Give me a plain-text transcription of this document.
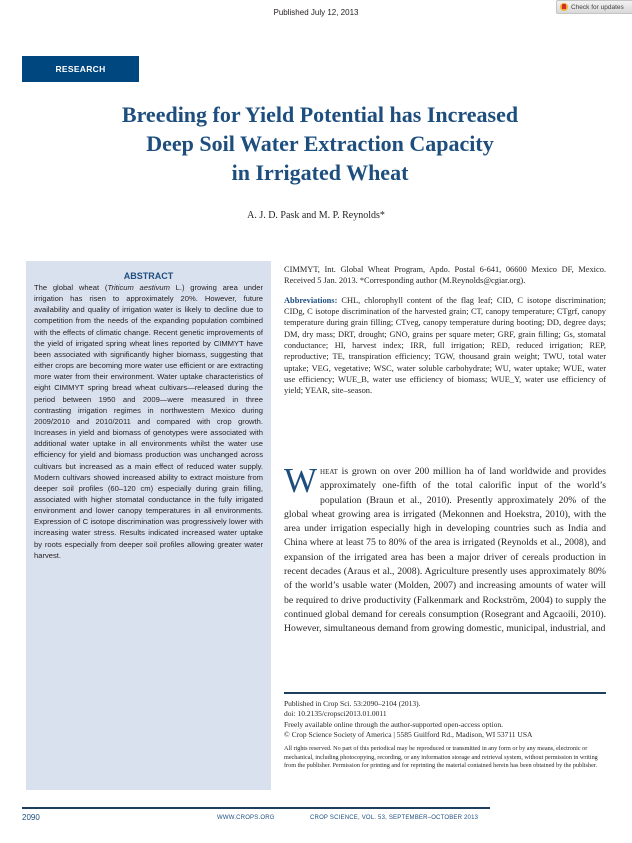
Published July 12, 2013
Check for updates
RESEARCH
Breeding for Yield Potential has Increased
Deep Soil Water Extraction Capacity
in Irrigated Wheat
A. J. D. Pask and M. P. Reynolds*
ABSTRACT

The global wheat (Triticum aestivum L.) growing area under irrigation has risen to approximately 20%. However, future availability and quality of irrigation water is likely to decline due to competition from the needs of the expanding population combined with the effects of climatic change. Recent genetic improvements of the yield of irrigated spring wheat lines reported by CIMMYT have been associated with significantly higher biomass, suggesting that either crops are becoming more water use efficient or are extracting more water from their environment. Water uptake characteristics of eight CIMMYT spring bread wheat cultivars—released during the period between 1950 and 2009—were measured in three contrasting irrigation regimes in northwestern Mexico during 2009/2010 and 2010/2011 and compared with crop growth. Increases in yield and biomass of genotypes were associated with additional water uptake in all environments whilst the water use efficiency for yield and biomass production was unchanged across cultivars but increased as a main effect of reduced water supply. Modern cultivars showed increased ability to extract moisture from deeper soil profiles (60–120 cm) especially during grain filling, associated with higher stomatal conductance in the fully irrigated environment and lower canopy temperatures in all environments. Expression of C isotope discrimination was progressively lower with increasing water stress. Results indicated increased water uptake by roots especially from deeper soil profiles allowing greater water harvest.

CIMMYT, Int. Global Wheat Program, Apdo. Postal 6-641, 06600 Mexico DF, Mexico. Received 5 Jan. 2013. *Corresponding author (M.Reynolds@cgiar.org).

Abbreviations: CHL, chlorophyll content of the flag leaf; CID, C isotope discrimination; CIDg, C isotope discrimination of the harvested grain; CT, canopy temperature; CTgrf, canopy temperature during grain filling; CTveg, canopy temperature during booting; DD, degree days; DM, dry mass; DRT, drought; GNO, grains per square meter; GRF, grain filling; Gs, stomatal conductance; HI, harvest index; IRR, full irrigation; RED, reduced irrigation; REP, reproductive; TE, transpiration efficiency; TGW, thousand grain weight; TWU, total water uptake; VEG, vegetative; WSC, water soluble carbohydrate; WU, water uptake; WUE, water use efficiency; WUE_B, water use efficiency of biomass; WUE_Y, water use efficiency of yield; YEAR, site–season.

Wheat is grown on over 200 million ha of land worldwide and provides approximately one-fifth of the total calorific input of the world’s population (Braun et al., 2010). Presently approximately 20% of the global wheat growing area is irrigated (Mekonnen and Hoekstra, 2010), with the area under irrigation especially high in developing countries such as India and China where at least 75 to 80% of the area is irrigated (Reynolds et al., 2008), and expansion of the irrigated area has been a major driver of cereals production in recent decades (Araus et al., 2008). Agriculture presently uses approximately 80% of the world’s usable water (Molden, 2007) and increasing amounts of water will be required to drive productivity (Falkenmark and Rockström, 2004) to supply the continued global demand for cereals consumption (Rosegrant and Agcaoili, 2010). However, simultaneous demand from growing domestic, municipal, industrial, and

Published in Crop Sci. 53:2090–2104 (2013).

doi: 10.2135/cropsci2013.01.0011

Freely available online through the author-supported open-access option.

© Crop Science Society of America | 5585 Guilford Rd., Madison, WI 53711 USA

All rights reserved. No part of this periodical may be reproduced or transmitted in any form or by any means, electronic or mechanical, including photocopying, recording, or any information storage and retrieval system, without permission in writing from the publisher. Permission for printing and for reprinting the material contained herein has been obtained by the publisher.
2090	WWW.CROPS.ORG	CROP SCIENCE, VOL. 53, SEPTEMBER–OCTOBER 2013
